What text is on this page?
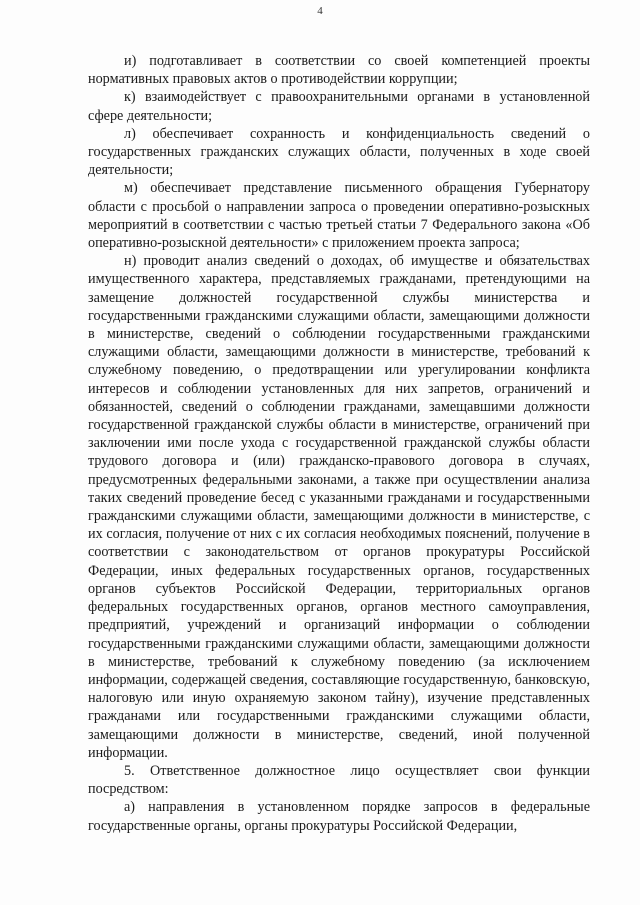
4

и) подготавливает в соответствии со своей компетенцией проекты нормативных правовых актов о противодействии коррупции;

к) взаимодействует с правоохранительными органами в установленной сфере деятельности;

л) обеспечивает сохранность и конфиденциальность сведений о государственных гражданских служащих области, полученных в ходе своей деятельности;

м) обеспечивает представление письменного обращения Губернатору области с просьбой о направлении запроса о проведении оперативно-розыскных мероприятий в соответствии с частью третьей статьи 7 Федерального закона «Об оперативно-розыскной деятельности» с приложением проекта запроса;

н) проводит анализ сведений о доходах, об имуществе и обязательствах имущественного характера, представляемых гражданами, претендующими на замещение должностей государственной службы министерства и государственными гражданскими служащими области, замещающими должности в министерстве, сведений о соблюдении государственными гражданскими служащими области, замещающими должности в министерстве, требований к служебному поведению, о предотвращении или урегулировании конфликта интересов и соблюдении установленных для них запретов, ограничений и обязанностей, сведений о соблюдении гражданами, замещавшими должности государственной гражданской службы области в министерстве, ограничений при заключении ими после ухода с государственной гражданской службы области трудового договора и (или) гражданско-правового договора в случаях, предусмотренных федеральными законами, а также при осуществлении анализа таких сведений проведение бесед с указанными гражданами и государственными гражданскими служащими области, замещающими должности в министерстве, с их согласия, получение от них с их согласия необходимых пояснений, получение в соответствии с законодательством от органов прокуратуры Российской Федерации, иных федеральных государственных органов, государственных органов субъектов Российской Федерации, территориальных органов федеральных государственных органов, органов местного самоуправления, предприятий, учреждений и организаций информации о соблюдении государственными гражданскими служащими области, замещающими должности в министерстве, требований к служебному поведению (за исключением информации, содержащей сведения, составляющие государственную, банковскую, налоговую или иную охраняемую законом тайну), изучение представленных гражданами или государственными гражданскими служащими области, замещающими должности в министерстве, сведений, иной полученной информации.

5. Ответственное должностное лицо осуществляет свои функции посредством:

а) направления в установленном порядке запросов в федеральные государственные органы, органы прокуратуры Российской Федерации,
